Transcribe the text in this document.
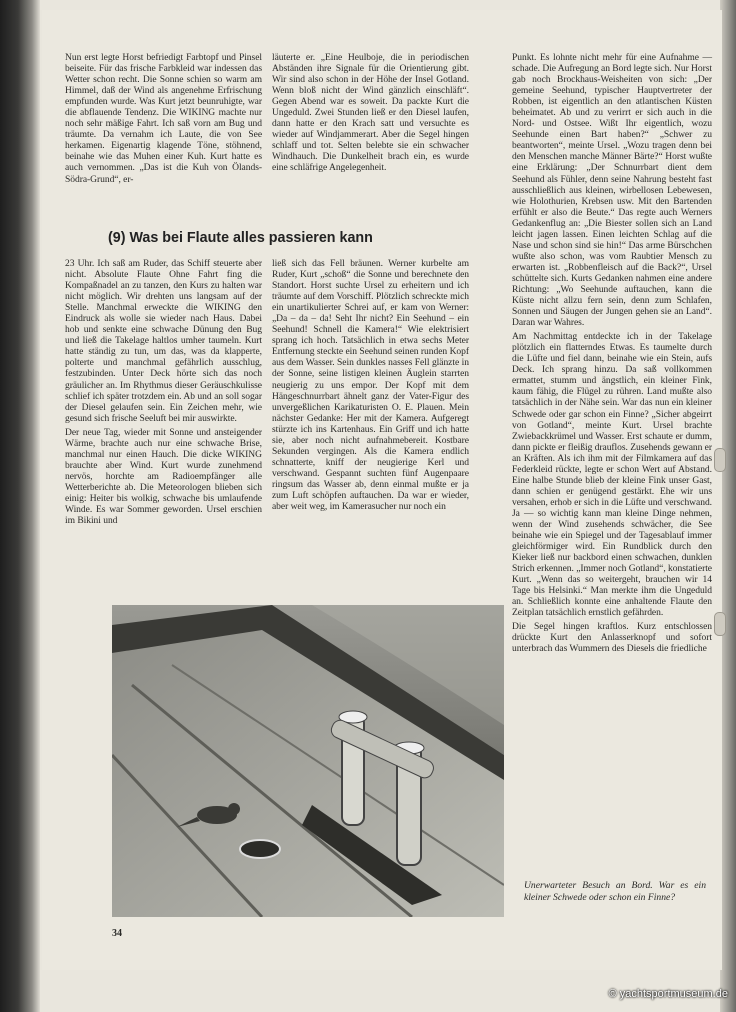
Nun erst legte Horst befriedigt Farbtopf und Pinsel beiseite. Für das frische Farbkleid war indessen das Wetter schon recht. Die Sonne schien so warm am Himmel, daß der Wind als angenehme Erfrischung empfunden wurde. Was Kurt jetzt beunruhigte, war die abflauende Tendenz. Die WIKING machte nur noch sehr mäßige Fahrt. Ich saß vorn am Bug und träumte. Da vernahm ich Laute, die von See herkamen. Eigenartig klagende Töne, stöhnend, beinahe wie das Muhen einer Kuh. Kurt hatte es auch vernommen. „Das ist die Kuh von Ölands-Södra-Grund“, er-

läuterte er. „Eine Heulboje, die in periodischen Abständen ihre Signale für die Orientierung gibt. Wir sind also schon in der Höhe der Insel Gotland. Wenn bloß nicht der Wind gänzlich einschläft“. Gegen Abend war es soweit. Da packte Kurt die Ungeduld. Zwei Stunden ließ er den Diesel laufen, dann hatte er den Krach satt und versuchte es wieder auf Windjammerart. Aber die Segel hingen schlaff und tot. Selten belebte sie ein schwacher Windhauch. Die Dunkelheit brach ein, es wurde eine schläfrige Angelegenheit.

(9) Was bei Flaute alles passieren kann

23 Uhr. Ich saß am Ruder, das Schiff steuerte aber nicht. Absolute Flaute Ohne Fahrt fing die Kompaßnadel an zu tanzen, den Kurs zu halten war nicht möglich. Wir drehten uns langsam auf der Stelle. Manchmal erweckte die WIKING den Eindruck als wolle sie wieder nach Haus. Dabei hob und senkte eine schwache Dünung den Bug und ließ die Takelage haltlos umher taumeln. Kurt hatte ständig zu tun, um das, was da klapperte, polterte und manchmal gefährlich ausschlug, festzubinden. Unter Deck hörte sich das noch gräulicher an. Im Rhythmus dieser Geräuschkulisse schlief ich später trotzdem ein. Ab und an soll sogar der Diesel gelaufen sein. Ein Zeichen mehr, wie gesund sich frische Seeluft bei mir auswirkte.

Der neue Tag, wieder mit Sonne und ansteigender Wärme, brachte auch nur eine schwache Brise, manchmal nur einen Hauch. Die dicke WIKING brauchte aber Wind. Kurt wurde zunehmend nervös, horchte am Radioempfänger alle Wetterberichte ab. Die Meteorologen blieben sich einig: Heiter bis wolkig, schwache bis umlaufende Winde. Es war Sommer geworden. Ursel erschien im Bikini und

ließ sich das Fell bräunen. Werner kurbelte am Ruder, Kurt „schoß“ die Sonne und berechnete den Standort. Horst suchte Ursel zu erheitern und ich träumte auf dem Vorschiff. Plötzlich schreckte mich ein unartikulierter Schrei auf, er kam von Werner: „Da – da – da! Seht Ihr nicht? Ein Seehund – ein Seehund! Schnell die Kamera!“ Wie elektrisiert sprang ich hoch. Tatsächlich in etwa sechs Meter Entfernung steckte ein Seehund seinen runden Kopf aus dem Wasser. Sein dunkles nasses Fell glänzte in der Sonne, seine listigen kleinen Äuglein starrten neugierig zu uns empor. Der Kopf mit dem Hängeschnurrbart ähnelt ganz der Vater-Figur des unvergeßlichen Karikaturisten O. E. Plauen. Mein nächster Gedanke: Her mit der Kamera. Aufgeregt stürzte ich ins Kartenhaus. Ein Griff und ich hatte sie, aber noch nicht aufnahmebereit. Kostbare Sekunden vergingen. Als die Kamera endlich schnatterte, kniff der neugierige Kerl und verschwand. Gespannt suchten fünf Augenpaare ringsum das Wasser ab, denn einmal mußte er ja zum Luft schöpfen auftauchen. Da war er wieder, aber weit weg, im Kamerasucher nur noch ein

Punkt. Es lohnte nicht mehr für eine Aufnahme — schade. Die Aufregung an Bord legte sich. Nur Horst gab noch Brockhaus-Weisheiten von sich: „Der gemeine Seehund, typischer Hauptvertreter der Robben, ist eigentlich an den atlantischen Küsten beheimatet. Ab und zu verirrt er sich auch in die Nord- und Ostsee. Wißt Ihr eigentlich, wozu Seehunde einen Bart haben?“ „Schwer zu beantworten“, meinte Ursel. „Wozu tragen denn bei den Menschen manche Männer Bärte?“ Horst wußte eine Erklärung: „Der Schnurrbart dient dem Seehund als Fühler, denn seine Nahrung besteht fast ausschließlich aus kleinen, wirbellosen Lebewesen, wie Holothurien, Krebsen usw. Mit den Bartenden erfühlt er also die Beute.“ Das regte auch Werners Gedankenflug an: „Die Biester sollen sich an Land leicht jagen lassen. Einen leichten Schlag auf die Nase und schon sind sie hin!“ Das arme Bürschchen wußte also schon, was vom Raubtier Mensch zu erwarten ist. „Robbenfleisch auf die Back?“, Ursel schüttelte sich. Kurts Gedanken nahmen eine andere Richtung: „Wo Seehunde auftauchen, kann die Küste nicht allzu fern sein, denn zum Schlafen, Sonnen und Säugen der Jungen gehen sie an Land“. Daran war Wahres.

Am Nachmittag entdeckte ich in der Takelage plötzlich ein flatterndes Etwas. Es taumelte durch die Lüfte und fiel dann, beinahe wie ein Stein, aufs Deck. Ich sprang hinzu. Da saß vollkommen ermattet, stumm und ängstlich, ein kleiner Fink, kaum fähig, die Flügel zu rühren. Land mußte also tatsächlich in der Nähe sein. War das nun ein kleiner Schwede oder gar schon ein Finne? „Sicher abgeirrt von Gotland“, meinte Kurt. Ursel brachte Zwiebackkrümel und Wasser. Erst schaute er dumm, dann pickte er fleißig drauflos. Zusehends gewann er an Kräften. Als ich ihm mit der Filmkamera auf das Federkleid rückte, legte er schon Wert auf Abstand. Eine halbe Stunde blieb der kleine Fink unser Gast, dann schien er genügend gestärkt. Ehe wir uns versahen, erhob er sich in die Lüfte und verschwand. Ja — so wichtig kann man kleine Dinge nehmen, wenn der Wind zusehends schwächer, die See beinahe wie ein Spiegel und der Tagesablauf immer gleichförmiger wird. Ein Rundblick durch den Kieker ließ nur backbord einen schwachen, dunklen Strich erkennen. „Immer noch Gotland“, konstatierte Kurt. „Wenn das so weitergeht, brauchen wir 14 Tage bis Helsinki.“ Man merkte ihm die Ungeduld an. Schließlich konnte eine anhaltende Flaute den Zeitplan tatsächlich ernstlich gefährden.

Die Segel hingen kraftlos. Kurz entschlossen drückte Kurt den Anlasserknopf und sofort unterbrach das Wummern des Diesels die friedliche

Unerwarteter Besuch an Bord. War es ein kleiner Schwede oder schon ein Finne?
34
© yachtsportmuseum.de
